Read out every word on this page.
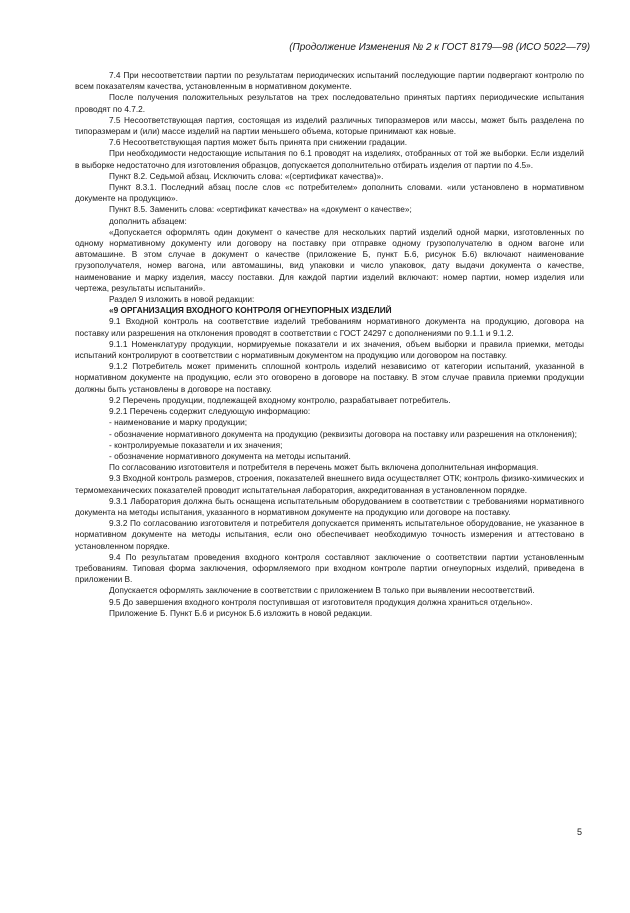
(Продолжение Изменения № 2 к ГОСТ 8179—98 (ИСО 5022—79)

7.4 При несоответствии партии по результатам периодических испытаний последующие партии подвергают контролю по всем показателям качества, установленным в нормативном документе.

После получения положительных результатов на трех последовательно принятых партиях периодические испытания проводят по 4.7.2.

7.5 Несоответствующая партия, состоящая из изделий различных типоразмеров или массы, может быть разделена по типоразмерам и (или) массе изделий на партии меньшего объема, которые принимают как новые.

7.6 Несоответствующая партия может быть принята при снижении градации.

При необходимости недостающие испытания по 6.1 проводят на изделиях, отобранных от той же выборки. Если изделий в выборке недостаточно для изготовления образцов, допускается дополнительно отбирать изделия от партии по 4.5».

Пункт 8.2. Седьмой абзац. Исключить слова: «(сертификат качества)».

Пункт 8.3.1. Последний абзац после слов «с потребителем» дополнить словами. «или установлено в нормативном документе на продукцию».

Пункт 8.5. Заменить слова: «сертификат качества» на «документ о качестве»;

дополнить абзацем:

«Допускается оформлять один документ о качестве для нескольких партий изделий одной марки, изготовленных по одному нормативному документу или договору на поставку при отправке одному грузополучателю в одном вагоне или автомашине. В этом случае в документ о качестве (приложение Б, пункт Б.6, рисунок Б.6) включают наименование грузополучателя, номер вагона, или автомашины, вид упаковки и число упаковок, дату выдачи документа о качестве, наименование и марку изделия, массу поставки. Для каждой партии изделий включают: номер партии, номер изделия или чертежа, результаты испытаний».

Раздел 9 изложить в новой редакции:

«9 ОРГАНИЗАЦИЯ ВХОДНОГО КОНТРОЛЯ ОГНЕУПОРНЫХ ИЗДЕЛИЙ

9.1 Входной контроль на соответствие изделий требованиям нормативного документа на продукцию, договора на поставку или разрешения на отклонения проводят в соответствии с ГОСТ 24297 с дополнениями по 9.1.1 и 9.1.2.

9.1.1 Номенклатуру продукции, нормируемые показатели и их значения, объем выборки и правила приемки, методы испытаний контролируют в соответствии с нормативным документом на продукцию или договором на поставку.

9.1.2 Потребитель может применить сплошной контроль изделий независимо от категории испытаний, указанной в нормативном документе на продукцию, если это оговорено в договоре на поставку. В этом случае правила приемки продукции должны быть установлены в договоре на поставку.

9.2 Перечень продукции, подлежащей входному контролю, разрабатывает потребитель.

9.2.1 Перечень содержит следующую информацию:

- наименование и марку продукции;

- обозначение нормативного документа на продукцию (реквизиты договора на поставку или разрешения на отклонения);

- контролируемые показатели и их значения;

- обозначение нормативного документа на методы испытаний.

По согласованию изготовителя и потребителя в перечень может быть включена дополнительная информация.

9.3 Входной контроль размеров, строения, показателей внешнего вида осуществляет ОТК; контроль физико-химических и термомеханических показателей проводит испытательная лаборатория, аккредитованная в установленном порядке.

9.3.1 Лаборатория должна быть оснащена испытательным оборудованием в соответствии с требованиями нормативного документа на методы испытания, указанного в нормативном документе на продукцию или договоре на поставку.

9.3.2 По согласованию изготовителя и потребителя допускается применять испытательное оборудование, не указанное в нормативном документе на методы испытания, если оно обеспечивает необходимую точность измерения и аттестовано в установленном порядке.

9.4 По результатам проведения входного контроля составляют заключение о соответствии партии установленным требованиям. Типовая форма заключения, оформляемого при входном контроле партии огнеупорных изделий, приведена в приложении В.

Допускается оформлять заключение в соответствии с приложением В только при выявлении несоответствий.

9.5 До завершения входного контроля поступившая от изготовителя продукция должна храниться отдельно».

Приложение Б. Пункт Б.6 и рисунок Б.6 изложить в новой редакции.

5
